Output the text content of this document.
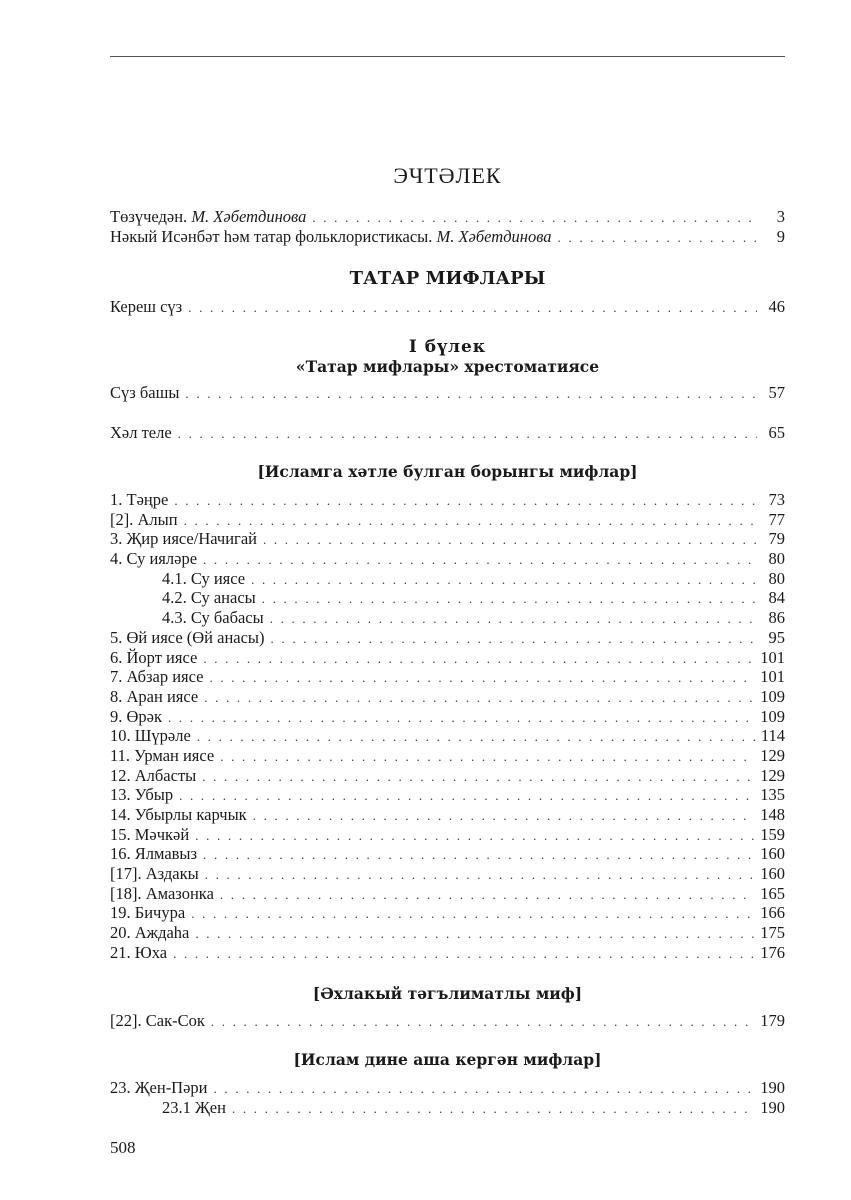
ЭЧТӘЛЕК
Төзүчедән. М. Хәбетдинова . . .	3
Нәкый Исәнбәт һәм татар фольклористикасы. М. Хәбетдинова . . .	9
ТАТАР МИФЛАРЫ
Кереш сүз . . .	46
I бүлек
«Татар мифлары» хрестоматиясе
Сүз башы . . .	57
Хәл теле . . .	65
[Исламга хәтле булган борынгы мифлар]
1. Тәңре . . .	73
[2]. Алып . . .	77
3. Җир иясе/Начигай . . .	79
4. Су ияләре . . .	80
4.1. Су иясе . . .	80
4.2. Су анасы . . .	84
4.3. Су бабасы . . .	86
5. Өй иясе (Өй анасы) . . .	95
6. Йорт иясе . . .	101
7. Абзар иясе . . .	101
8. Аран иясе . . .	109
9. Өрәк . . .	109
10. Шүрәле . . .	114
11. Урман иясе . . .	129
12. Албасты . . .	129
13. Убыр . . .	135
14. Убырлы карчык . . .	148
15. Мәчкәй . . .	159
16. Ялмавыз . . .	160
[17]. Аздакы . . .	160
[18]. Амазонка . . .	165
19. Бичура . . .	166
20. Аждаһа . . .	175
21. Юха . . .	176
[Әхлакый тәгълиматлы миф]
[22]. Сак-Сок . . .	179
[Ислам дине аша кергән мифлар]
23. Җен-Пәри . . .	190
23.1 Җен . . .	190
508
